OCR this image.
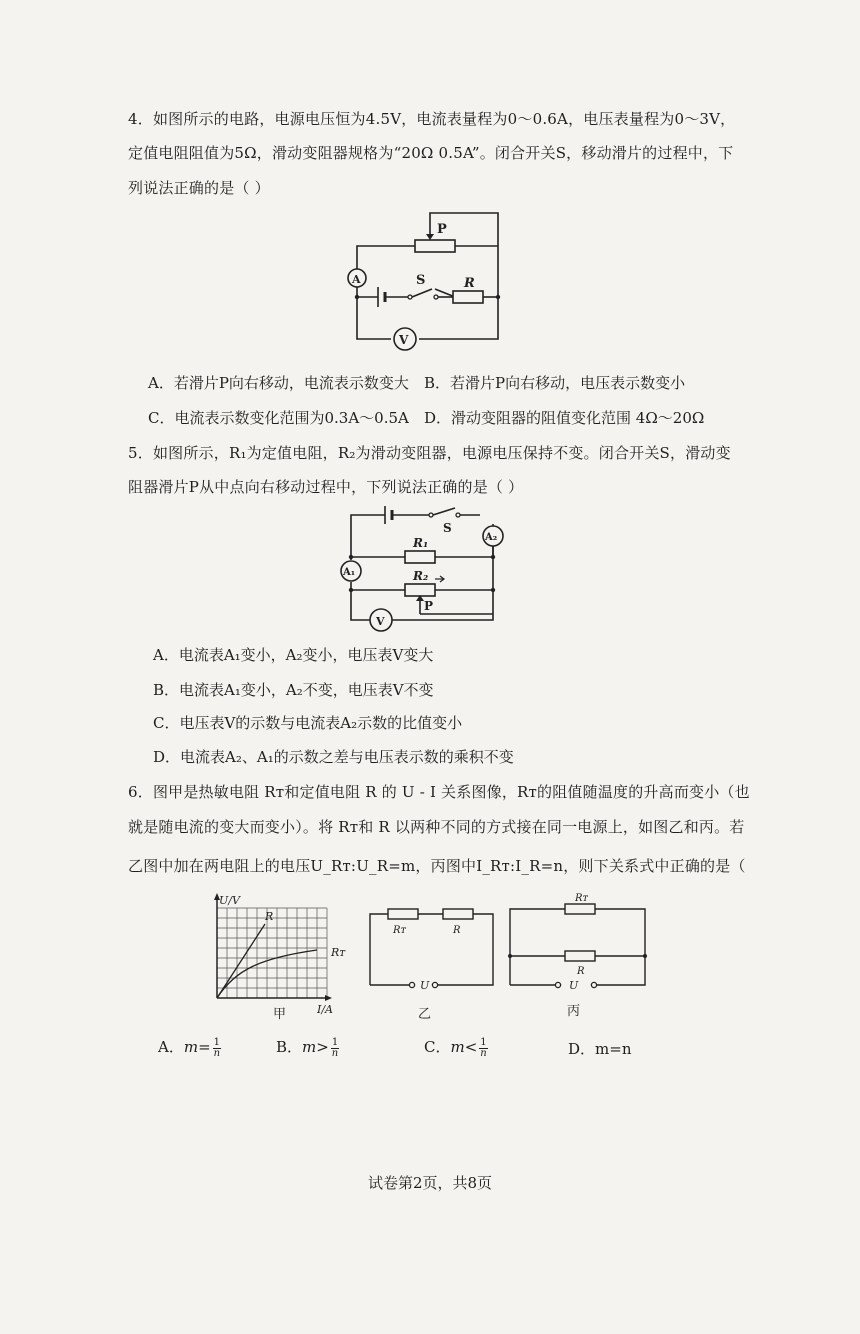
4．如图所示的电路，电源电压恒为4.5V，电流表量程为0～0.6A，电压表量程为0～3V，
定值电阻阻值为5Ω，滑动变阻器规格为“20Ω 0.5A”。闭合开关S，移动滑片的过程中，下
列说法正确的是（ ）
P
A	S	R
V
A．若滑片P向右移动，电流表示数变大 B．若滑片P向右移动，电压表示数变小
C．电流表示数变化范围为0.3A～0.5A D．滑动变阻器的阻值变化范围 4Ω～20Ω
5．如图所示，R₁为定值电阻，R₂为滑动变阻器，电源电压保持不变。闭合开关S，滑动变
阻器滑片P从中点向右移动过程中，下列说法正确的是（ ）
S
A₂
R₁
A₁	R₂
P
V
A．电流表A₁变小，A₂变小，电压表V变大
B．电流表A₁变小，A₂不变，电压表V不变
C．电压表V的示数与电流表A₂示数的比值变小
D．电流表A₂、A₁的示数之差与电压表示数的乘积不变
6．图甲是热敏电阻 Rᴛ和定值电阻 R 的 U - I 关系图像，Rᴛ的阻值随温度的升高而变小（也
就是随电流的变大而变小）。将 Rᴛ和 R 以两种不同的方式接在同一电源上，如图乙和丙。若
乙图中加在两电阻上的电压U_Rᴛ:U_R=m，丙图中I_Rᴛ:I_R=n，则下关系式中正确的是（
U/V
I/A
R
Rᴛ
甲
Rᴛ	R
U
乙
Rᴛ
R
U
丙
A．$m= \frac{1}{n}$	B．$m> \frac{1}{n}$	C．$m< \frac{1}{n}$	D．m=n
试卷第2页，共8页
